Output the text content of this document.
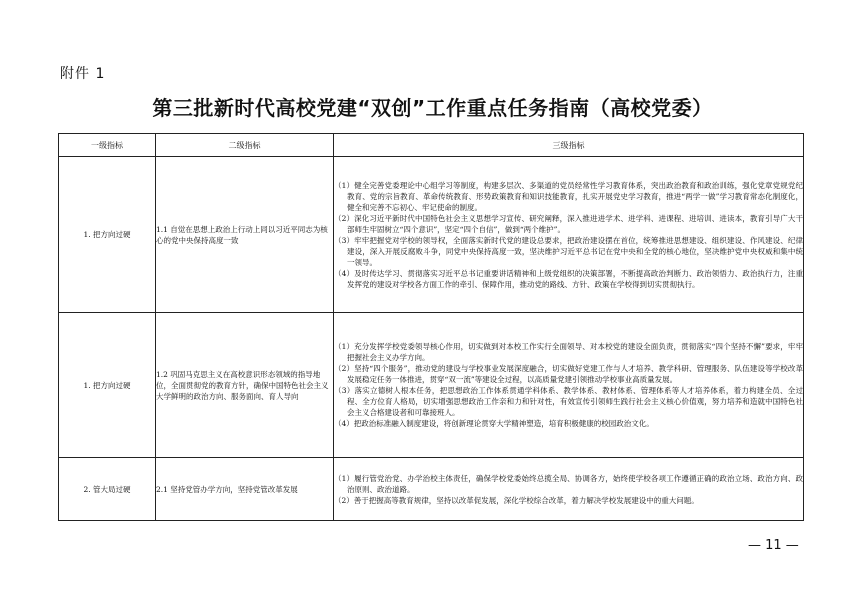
附件 1
第三批新时代高校党建“双创”工作重点任务指南（高校党委）
一级指标	二级指标	三级指标
1. 把方向过硬	1.1 自觉在思想上政治上行动上同以习近平同志为核心的党中央保持高度一致	（1）健全完善党委理论中心组学习等制度，构建多层次、多渠道的党员经常性学习教育体系，突出政治教育和政治训练，强化党章党规党纪教育、党的宗旨教育、革命传统教育、形势政策教育和知识技能教育，扎实开展党史学习教育，推进“两学一做”学习教育常态化制度化，健全和完善不忘初心、牢记使命的制度。

（2）深化习近平新时代中国特色社会主义思想学习宣传、研究阐释，深入推进进学术、进学科、进课程、进培训、进读本，教育引导广大干部师生牢固树立“四个意识”，坚定“四个自信”，做到“两个维护”。

（3）牢牢把握党对学校的领导权，全面落实新时代党的建设总要求，把政治建设摆在首位，统筹推进思想建设、组织建设、作风建设、纪律建设，深入开展反腐败斗争，同党中央保持高度一致，坚决维护习近平总书记在党中央和全党的核心地位，坚决维护党中央权威和集中统一领导。

（4）及时传达学习、贯彻落实习近平总书记重要讲话精神和上级党组织的决策部署，不断提高政治判断力、政治领悟力、政治执行力，注重发挥党的建设对学校各方面工作的牵引、保障作用，推动党的路线、方针、政策在学校得到切实贯彻执行。

1. 把方向过硬	1.2 巩固马克思主义在高校意识形态领域的指导地位，全面贯彻党的教育方针，确保中国特色社会主义大学鲜明的政治方向、服务面向、育人导向	（1）充分发挥学校党委领导核心作用，切实做到对本校工作实行全面领导、对本校党的建设全面负责，贯彻落实“四个坚持不懈”要求，牢牢把握社会主义办学方向。

（2）坚持“四个服务”，推动党的建设与学校事业发展深度融合，切实做好党建工作与人才培养、教学科研、管理服务、队伍建设等学校改革发展稳定任务一体推进，贯穿“双一流”等建设全过程，以高质量党建引领推动学校事业高质量发展。

（3）落实立德树人根本任务，把思想政治工作体系贯通学科体系、教学体系、教材体系、管理体系等人才培养体系，着力构建全员、全过程、全方位育人格局，切实增强思想政治工作亲和力和针对性，有效宣传引领师生践行社会主义核心价值观，努力培养和造就中国特色社会主义合格建设者和可靠接班人。

（4）把政治标准融入制度建设，将创新理论贯穿大学精神塑造，培育积极健康的校园政治文化。

2. 管大局过硬	2.1 坚持党管办学方向，坚持党管改革发展	（1）履行管党治党、办学治校主体责任，确保学校党委始终总揽全局、协调各方，始终使学校各项工作遵循正确的政治立场、政治方向、政治原则、政治道路。

（2）善于把握高等教育规律，坚持以改革促发展，深化学校综合改革，着力解决学校发展建设中的重大问题。

— 11 —
